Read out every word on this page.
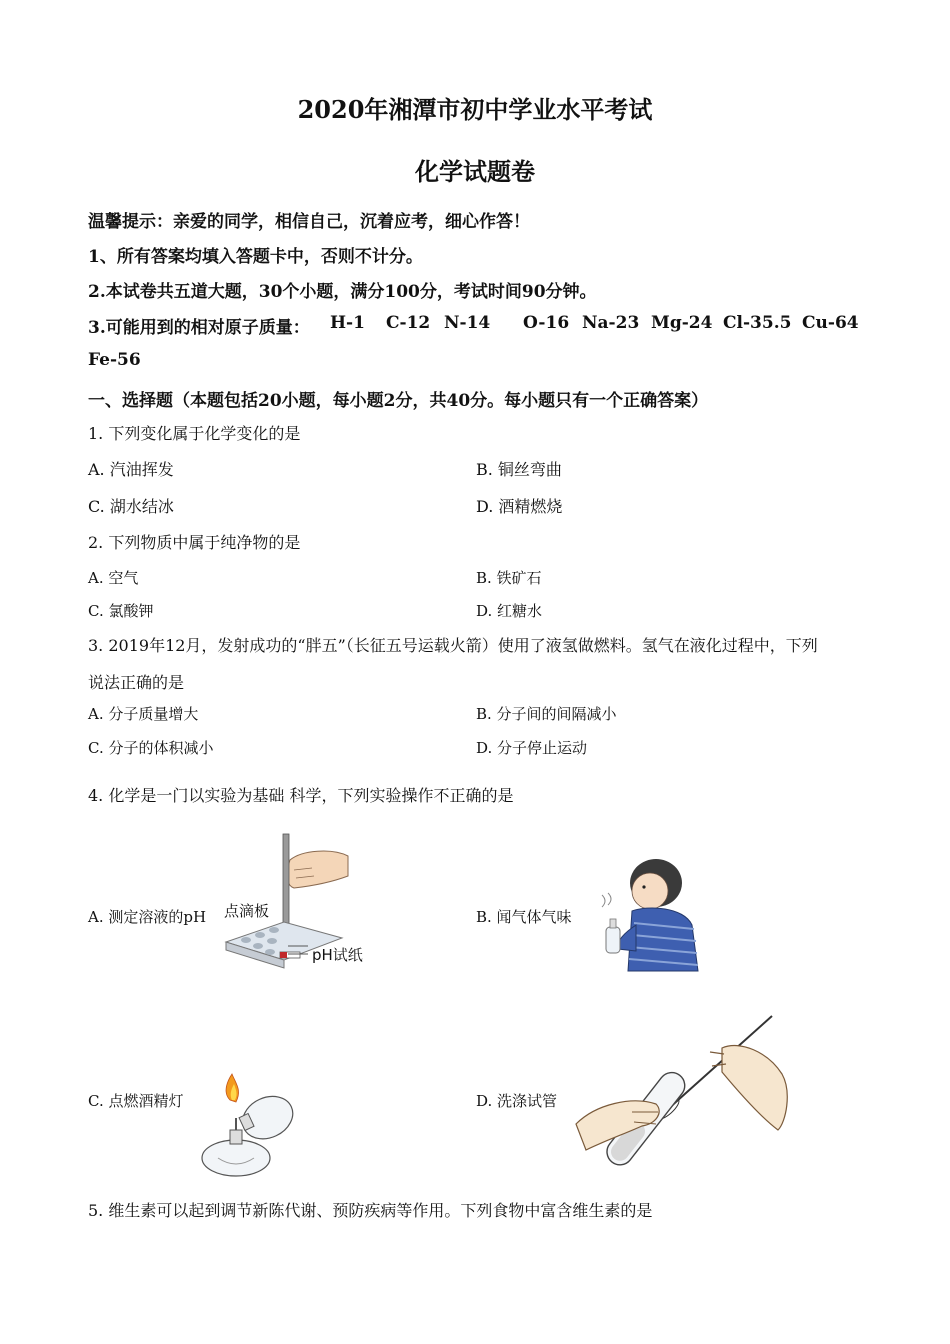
2020年湘潭市初中学业水平考试
化学试题卷
温馨提示：亲爱的同学，相信自己，沉着应考，细心作答！
1、所有答案均填入答题卡中，否则不计分。
2.本试卷共五道大题，30个小题，满分100分，考试时间90分钟。
3.可能用到的相对原子质量： H-1 C-12 N-14 O-16 Na-23 Mg-24 Cl-35.5 Cu-64
Fe-56
一、选择题（本题包括20小题，每小题2分，共40分。每小题只有一个正确答案）
1. 下列变化属于化学变化的是
A. 汽油挥发	B. 铜丝弯曲
C. 湖水结冰	D. 酒精燃烧
2. 下列物质中属于纯净物的是
A. 空气	B. 铁矿石
C. 氯酸钾	D. 红糖水
3. 2019年12月，发射成功的“胖五”（长征五号运载火箭）使用了液氢做燃料。氢气在液化过程中，下列
说法正确的是
A. 分子质量增大	B. 分子间的间隔减小
C. 分子的体积减小	D. 分子停止运动
4. 化学是一门以实验为基础 科学，下列实验操作不正确的是
A. 测定溶液的pH	B. 闻气体气味
C. 点燃酒精灯	D. 洗涤试管
点滴板
pH试纸
5. 维生素可以起到调节新陈代谢、预防疾病等作用。下列食物中富含维生素的是
